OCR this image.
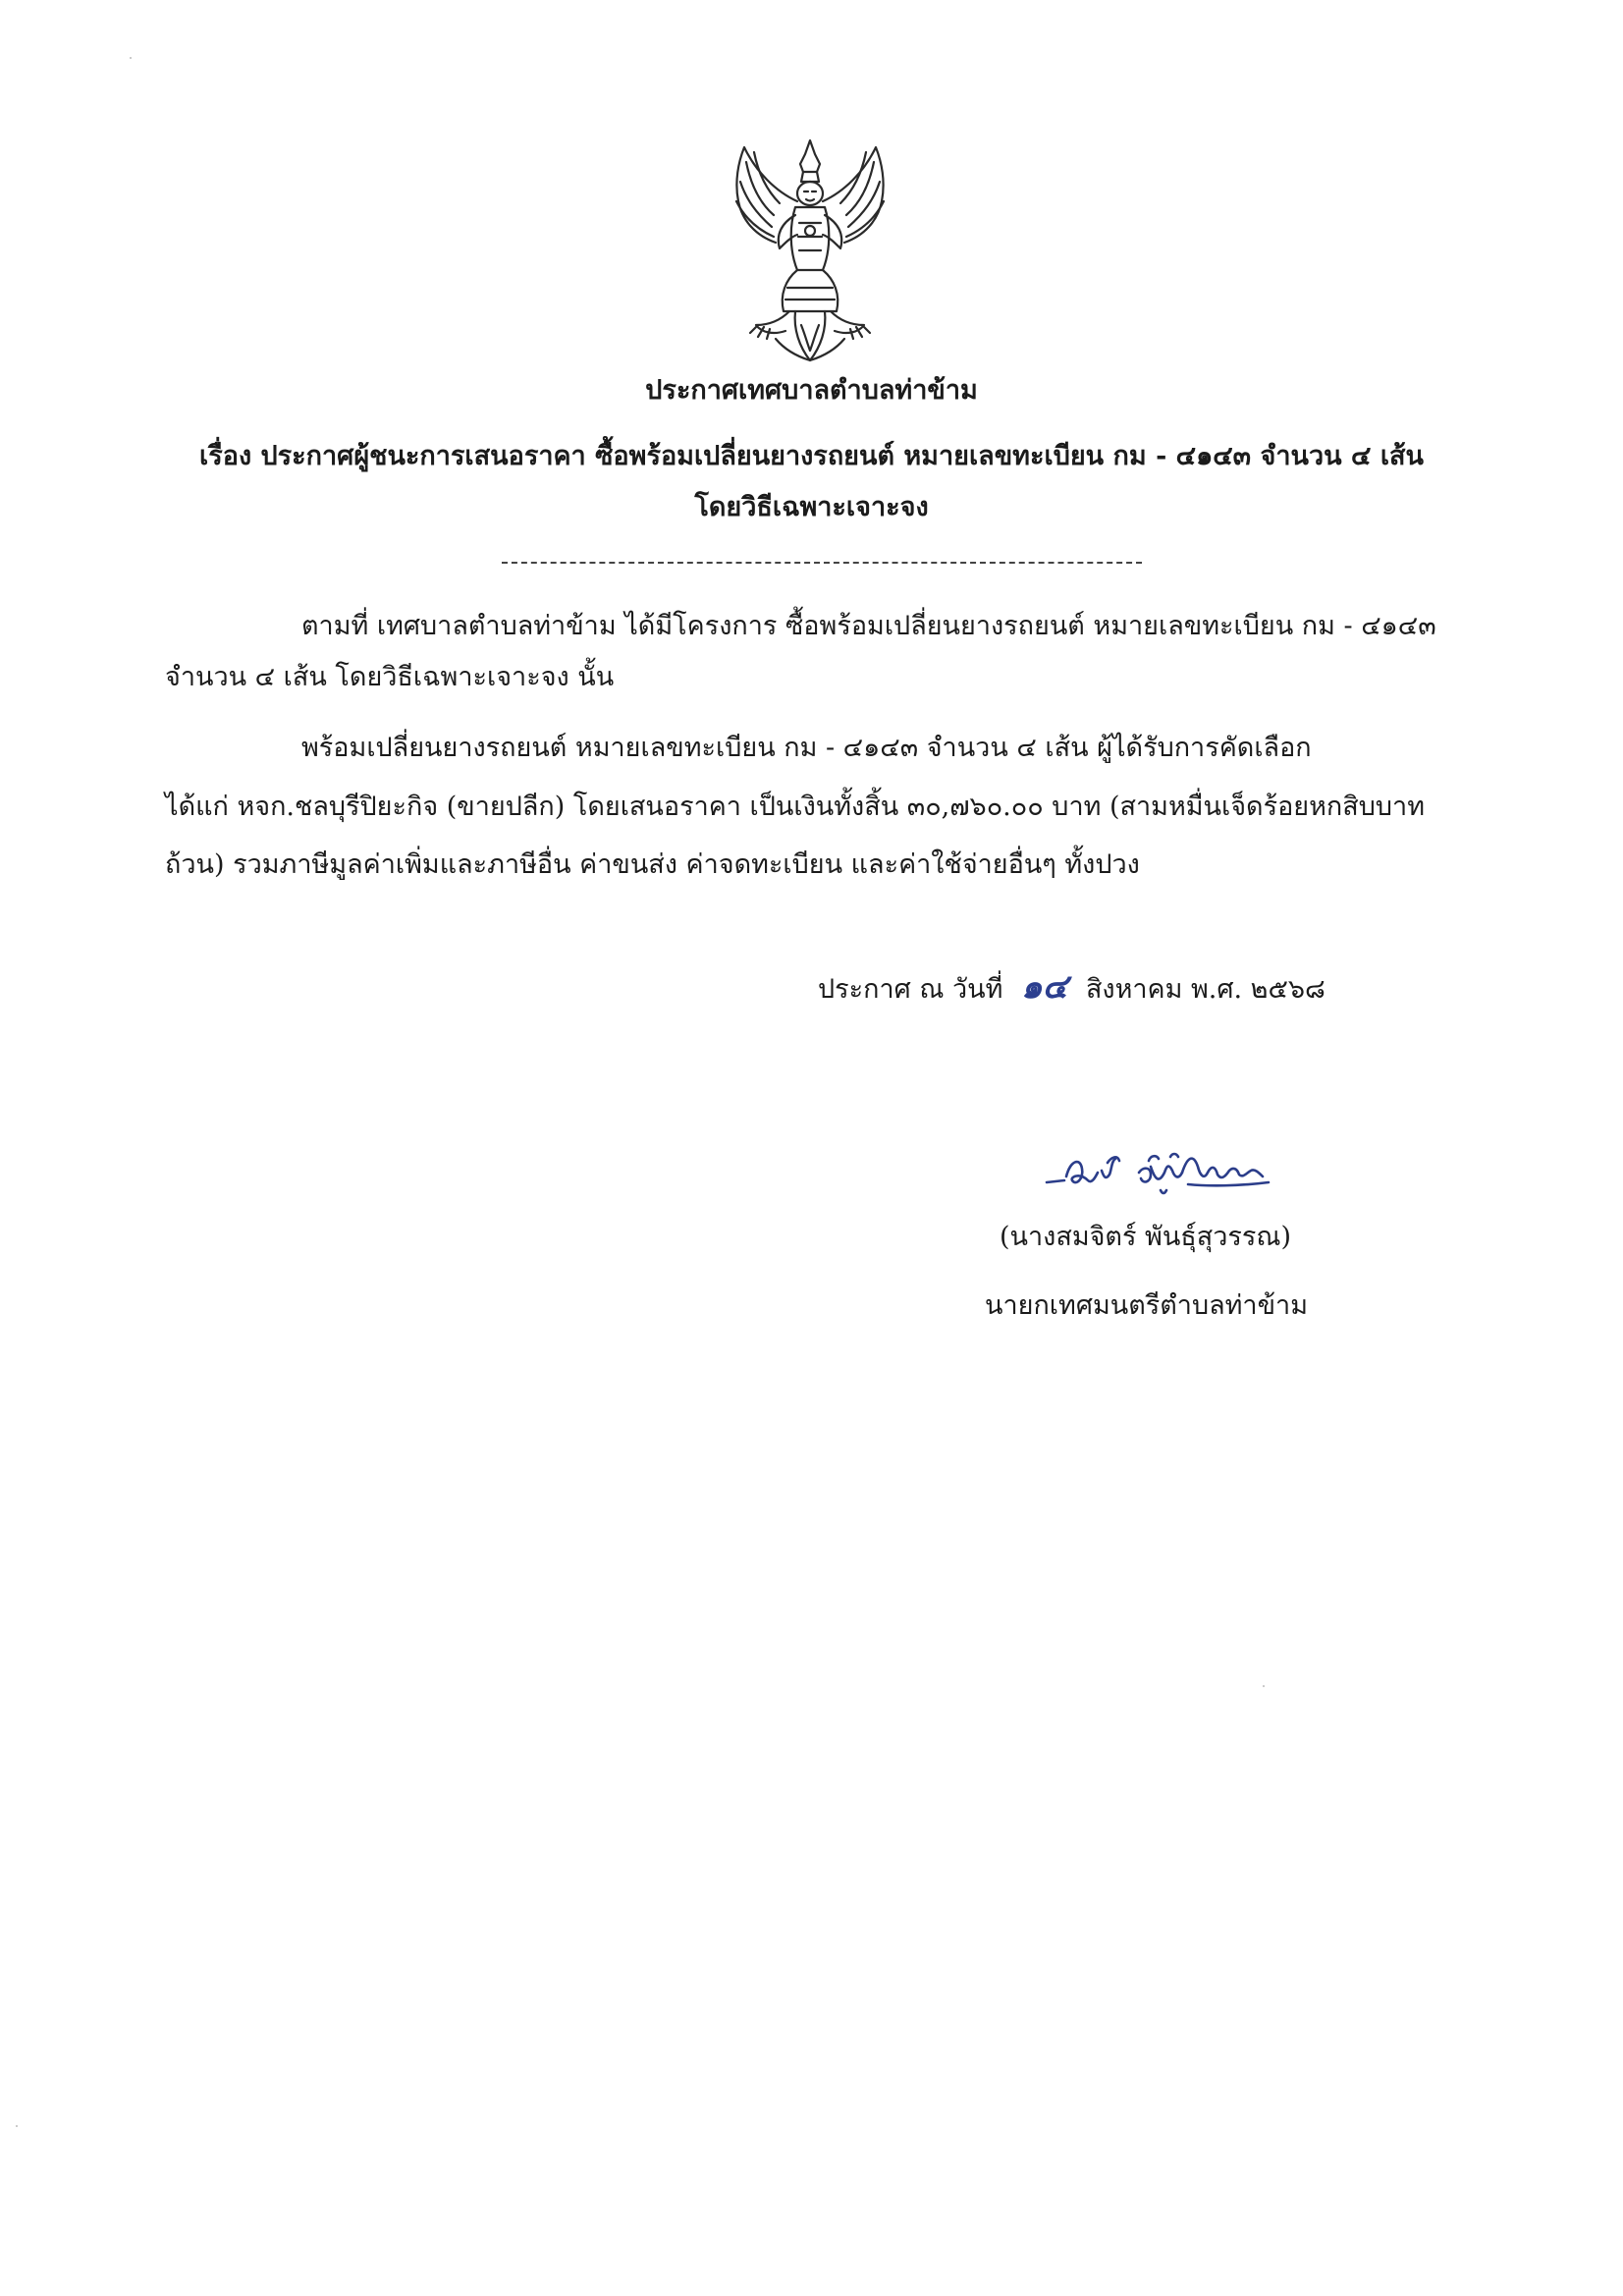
ประกาศเทศบาลตำบลท่าข้าม
เรื่อง ประกาศผู้ชนะการเสนอราคา ซื้อพร้อมเปลี่ยนยางรถยนต์ หมายเลขทะเบียน กม - ๔๑๔๓ จำนวน ๔ เส้น
โดยวิธีเฉพาะเจาะจง
ตามที่ เทศบาลตำบลท่าข้าม ได้มีโครงการ ซื้อพร้อมเปลี่ยนยางรถยนต์ หมายเลขทะเบียน กม - ๔๑๔๓
จำนวน ๔ เส้น โดยวิธีเฉพาะเจาะจง นั้น
พร้อมเปลี่ยนยางรถยนต์ หมายเลขทะเบียน กม - ๔๑๔๓ จำนวน ๔ เส้น ผู้ได้รับการคัดเลือก
ได้แก่ หจก.ชลบุรีปิยะกิจ (ขายปลีก) โดยเสนอราคา เป็นเงินทั้งสิ้น ๓๐,๗๖๐.๐๐ บาท (สามหมื่นเจ็ดร้อยหกสิบบาท
ถ้วน) รวมภาษีมูลค่าเพิ่มและภาษีอื่น ค่าขนส่ง ค่าจดทะเบียน และค่าใช้จ่ายอื่นๆ ทั้งปวง
ประกาศ ณ วันที่ ๑๔ สิงหาคม พ.ศ. ๒๕๖๘
(นางสมจิตร์ พันธุ์สุวรรณ)
นายกเทศมนตรีตำบลท่าข้าม
